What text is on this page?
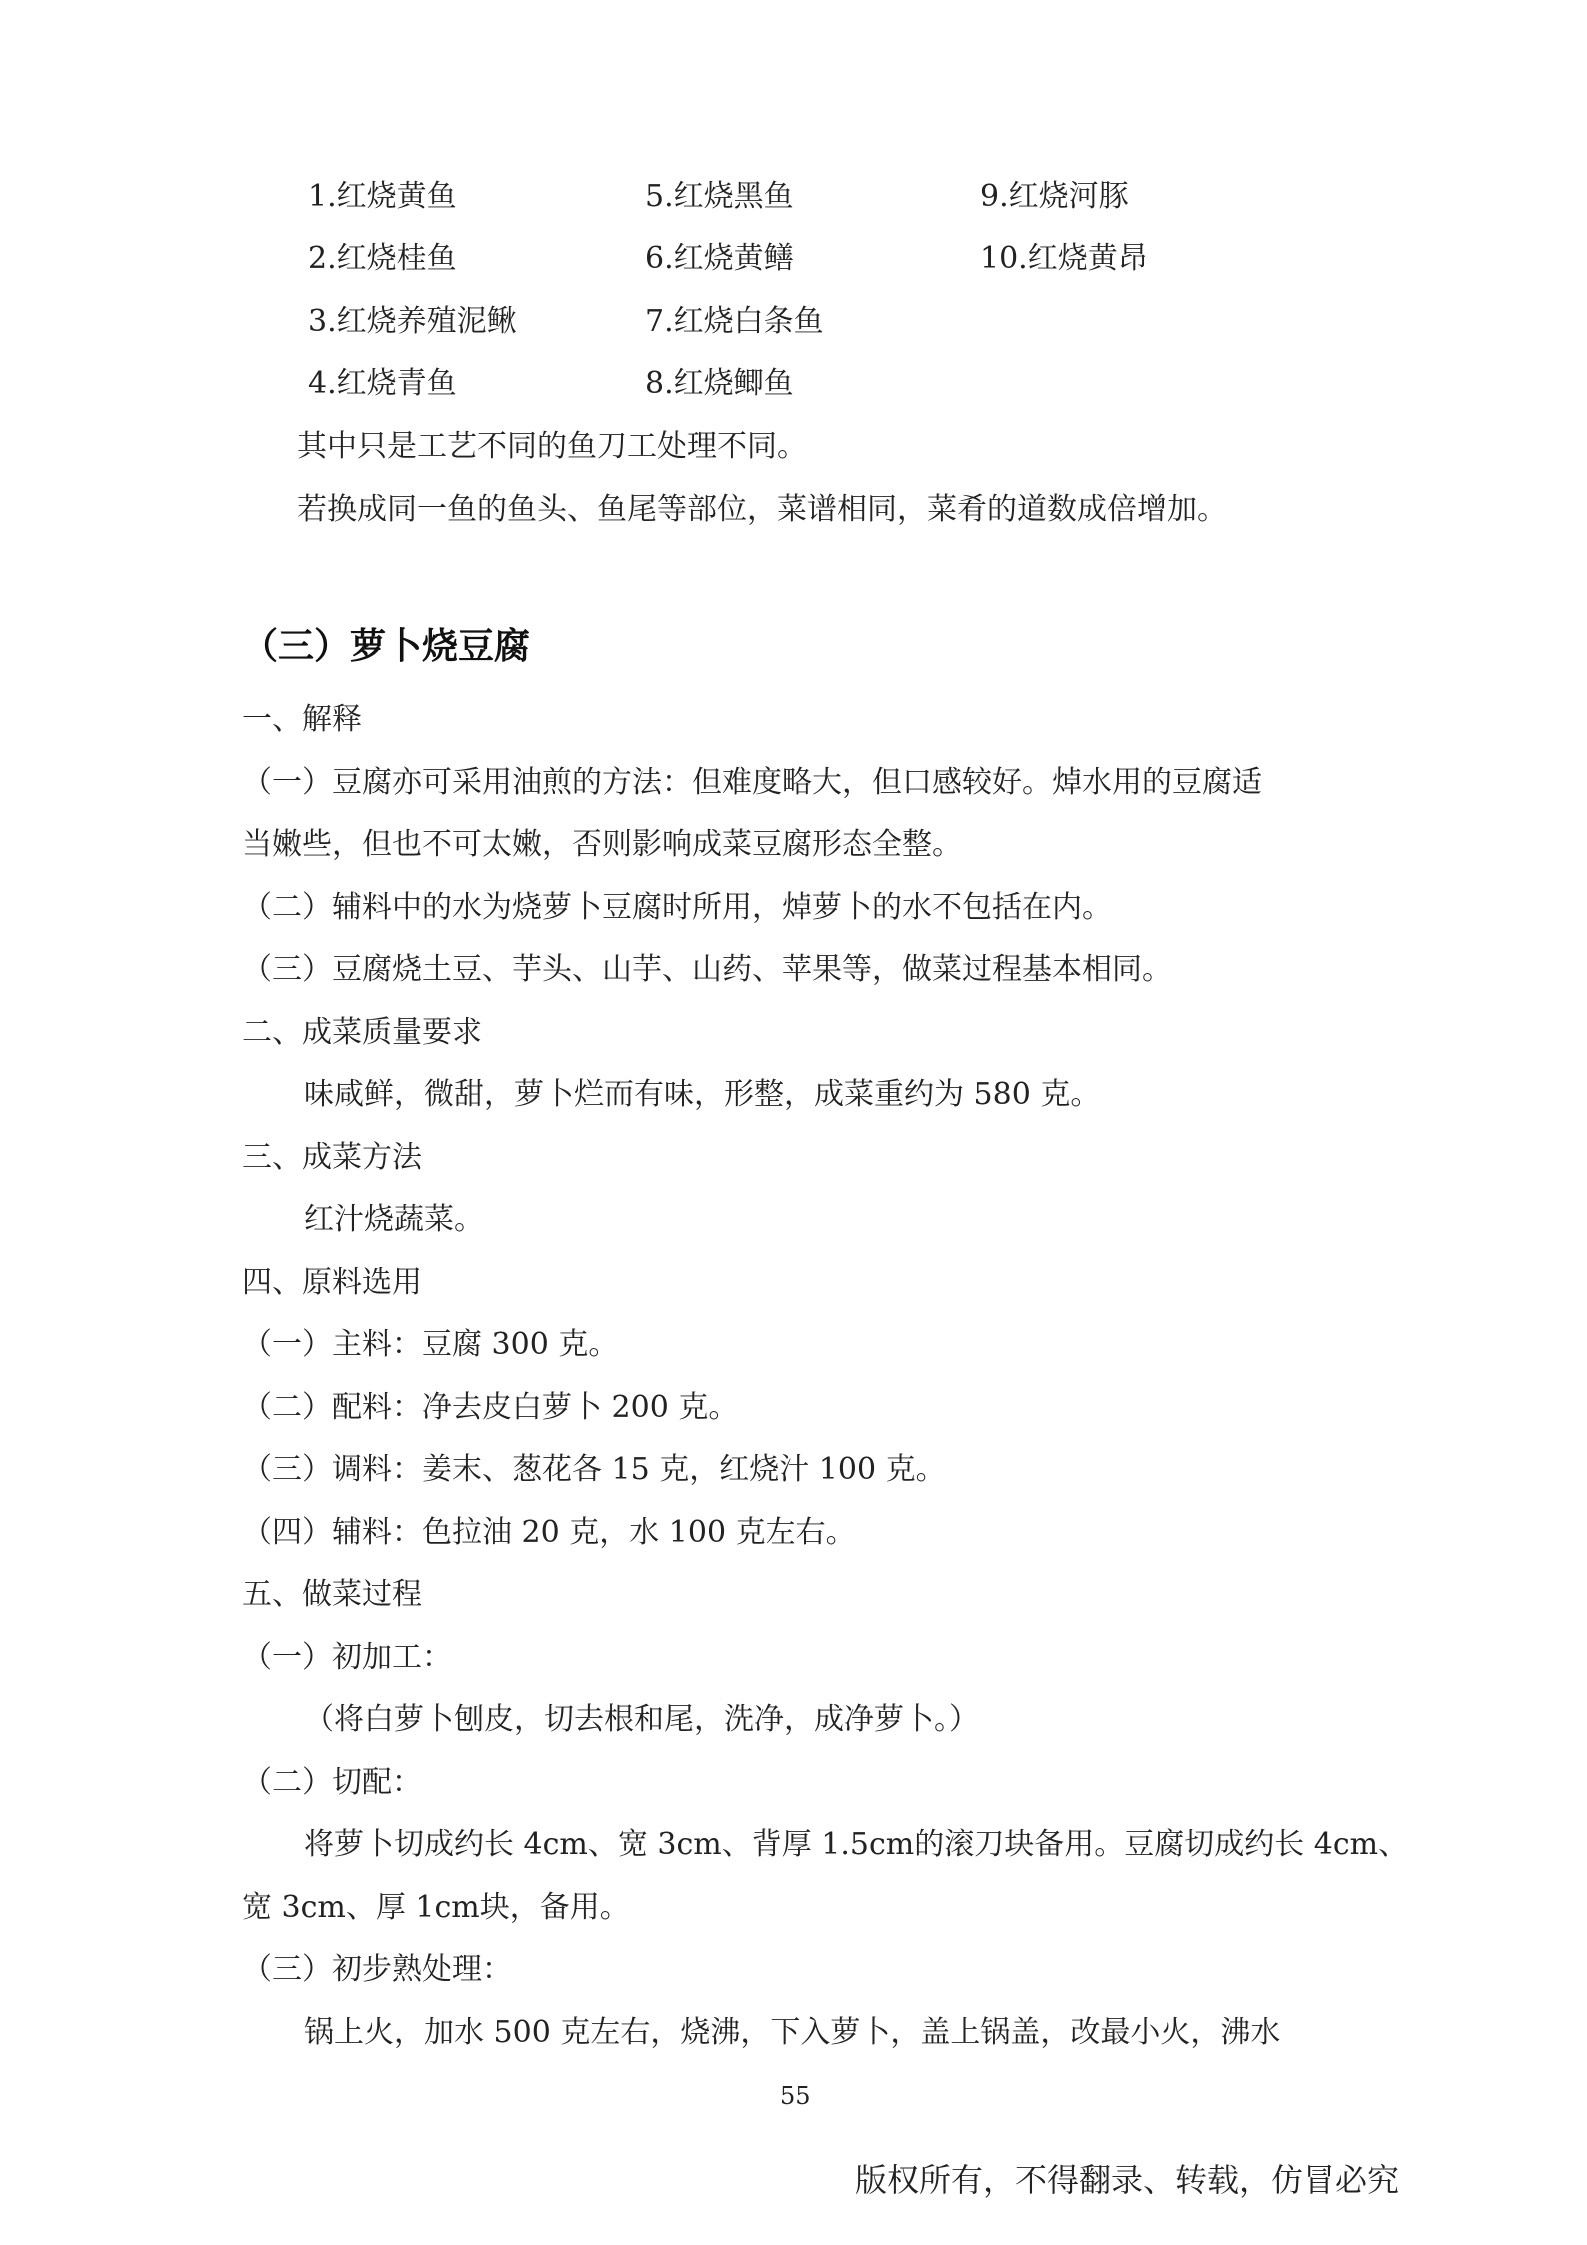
1.红烧黄鱼
2.红烧桂鱼
3.红烧养殖泥鳅
4.红烧青鱼
5.红烧黑鱼
6.红烧黄鳝
7.红烧白条鱼
8.红烧鲫鱼
9.红烧河豚
10.红烧黄昂
其中只是工艺不同的鱼刀工处理不同。
若换成同一鱼的鱼头、鱼尾等部位，菜谱相同，菜肴的道数成倍增加。
（三）萝卜烧豆腐
一、解释
（一）豆腐亦可采用油煎的方法：但难度略大，但口感较好。焯水用的豆腐适
当嫩些，但也不可太嫩，否则影响成菜豆腐形态全整。
（二）辅料中的水为烧萝卜豆腐时所用，焯萝卜的水不包括在内。
（三）豆腐烧土豆、芋头、山芋、山药、苹果等，做菜过程基本相同。
二、成菜质量要求
味咸鲜，微甜，萝卜烂而有味，形整，成菜重约为 580 克。
三、成菜方法
红汁烧蔬菜。
四、原料选用
（一）主料：豆腐 300 克。
（二）配料：净去皮白萝卜 200 克。
（三）调料：姜末、葱花各 15 克，红烧汁 100 克。
（四）辅料：色拉油 20 克，水 100 克左右。
五、做菜过程
（一）初加工：
（将白萝卜刨皮，切去根和尾，洗净，成净萝卜。）
（二）切配：
将萝卜切成约长 4cm、宽 3cm、背厚 1.5cm的滚刀块备用。豆腐切成约长 4cm、
宽 3cm、厚 1cm块，备用。
（三）初步熟处理：
锅上火，加水 500 克左右，烧沸，下入萝卜，盖上锅盖，改最小火，沸水
55
版权所有，不得翻录、转载，仿冒必究
